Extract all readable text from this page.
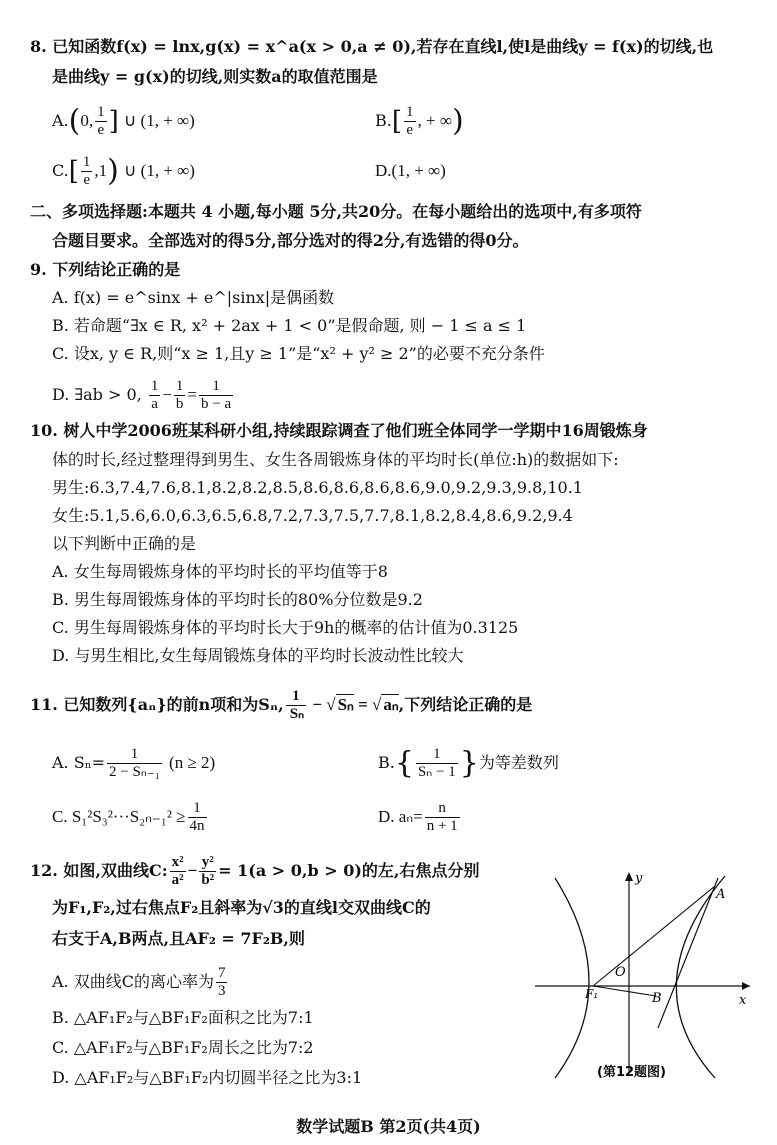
8. 已知函数f(x) = lnx,g(x) = x^a(x > 0,a ≠ 0),若存在直线l,使l是曲线y = f(x)的切线,也
是曲线y = g(x)的切线,则实数a的取值范围是
A.(0, $\frac{1}{e}$ ] ∪ (1, + ∞)	$B.[ \frac{1}{e}$ , + ∞)
$C.[ \frac{1}{e} ,1)$ ∪ (1, + ∞)	D.(1, + ∞)
二、多项选择题:本题共 4 小题,每小题 5分,共20分。在每小题给出的选项中,有多项符
合题目要求。全部选对的得5分,部分选对的得2分,有选错的得0分。
9. 下列结论正确的是
A. f(x) = e^sinx + e^|sinx|是偶函数
B. 若命题“∃x ∈ R, x² + 2ax + 1 < 0”是假命题, 则 − 1 ≤ a ≤ 1
C. 设x, y ∈ R,则“x ≥ 1,且y ≥ 1”是“x² + y² ≥ 2”的必要不充分条件
D. ∃ab > 0, $\frac{1}{a} - \frac{1}{b} = \frac{1}{b - a}$
10. 树人中学2006班某科研小组,持续跟踪调查了他们班全体同学一学期中16周锻炼身
体的时长,经过整理得到男生、女生各周锻炼身体的平均时长(单位:h)的数据如下:
男生:6.3,7.4,7.6,8.1,8.2,8.2,8.5,8.6,8.6,8.6,8.6,9.0,9.2,9.3,9.8,10.1
女生:5.1,5.6,6.0,6.3,6.5,6.8,7.2,7.3,7.5,7.7,8.1,8.2,8.4,8.6,9.2,9.4
以下判断中正确的是
A. 女生每周锻炼身体的平均时长的平均值等于8
B. 男生每周锻炼身体的平均时长的80%分位数是9.2
C. 男生每周锻炼身体的平均时长大于9h的概率的估计值为0.3125
D. 与男生相比,女生每周锻炼身体的平均时长波动性比较大
11. 已知数列{aₙ}的前n项和为Sₙ, $\frac{1}{\text{Sₙ}}$ − √ Sₙ = √ aₙ,下列结论正确的是
A. $S_n= \frac{1}{\text{2 − Sₙ₋₁}} (n \ge 2)$	$B.\{ \frac{1}{\text{Sₙ − 1}}$ }为等差数列
C. $S_1^2S_3^2\cdot\cdot\cdot S_{2n-1}^2 \ge \frac{1}{4n}$	D. $a_n= \frac{n}{n + 1}$
12. 如图,双曲线C: $\frac{\text{x²}}{\text{a²}} - \frac{\text{y²}}{\text{b²}} = 1(a > 0,b > 0)$的左,右焦点分别
为F₁,F₂,过右焦点F₂且斜率为√3的直线l交双曲线C的
右支于A,B两点,且AF₂ = 7F₂B,则
A. 双曲线C的离心率为 $\frac{7}{3}$
B. △AF₁F₂与△BF₁F₂面积之比为7:1
C. △AF₁F₂与△BF₁F₂周长之比为7:2
D. △AF₁F₂与△BF₁F₂内切圆半径之比为3:1
y
x
O
A
B
F₁
(第12题图)
数学试题B 第2页(共4页)
